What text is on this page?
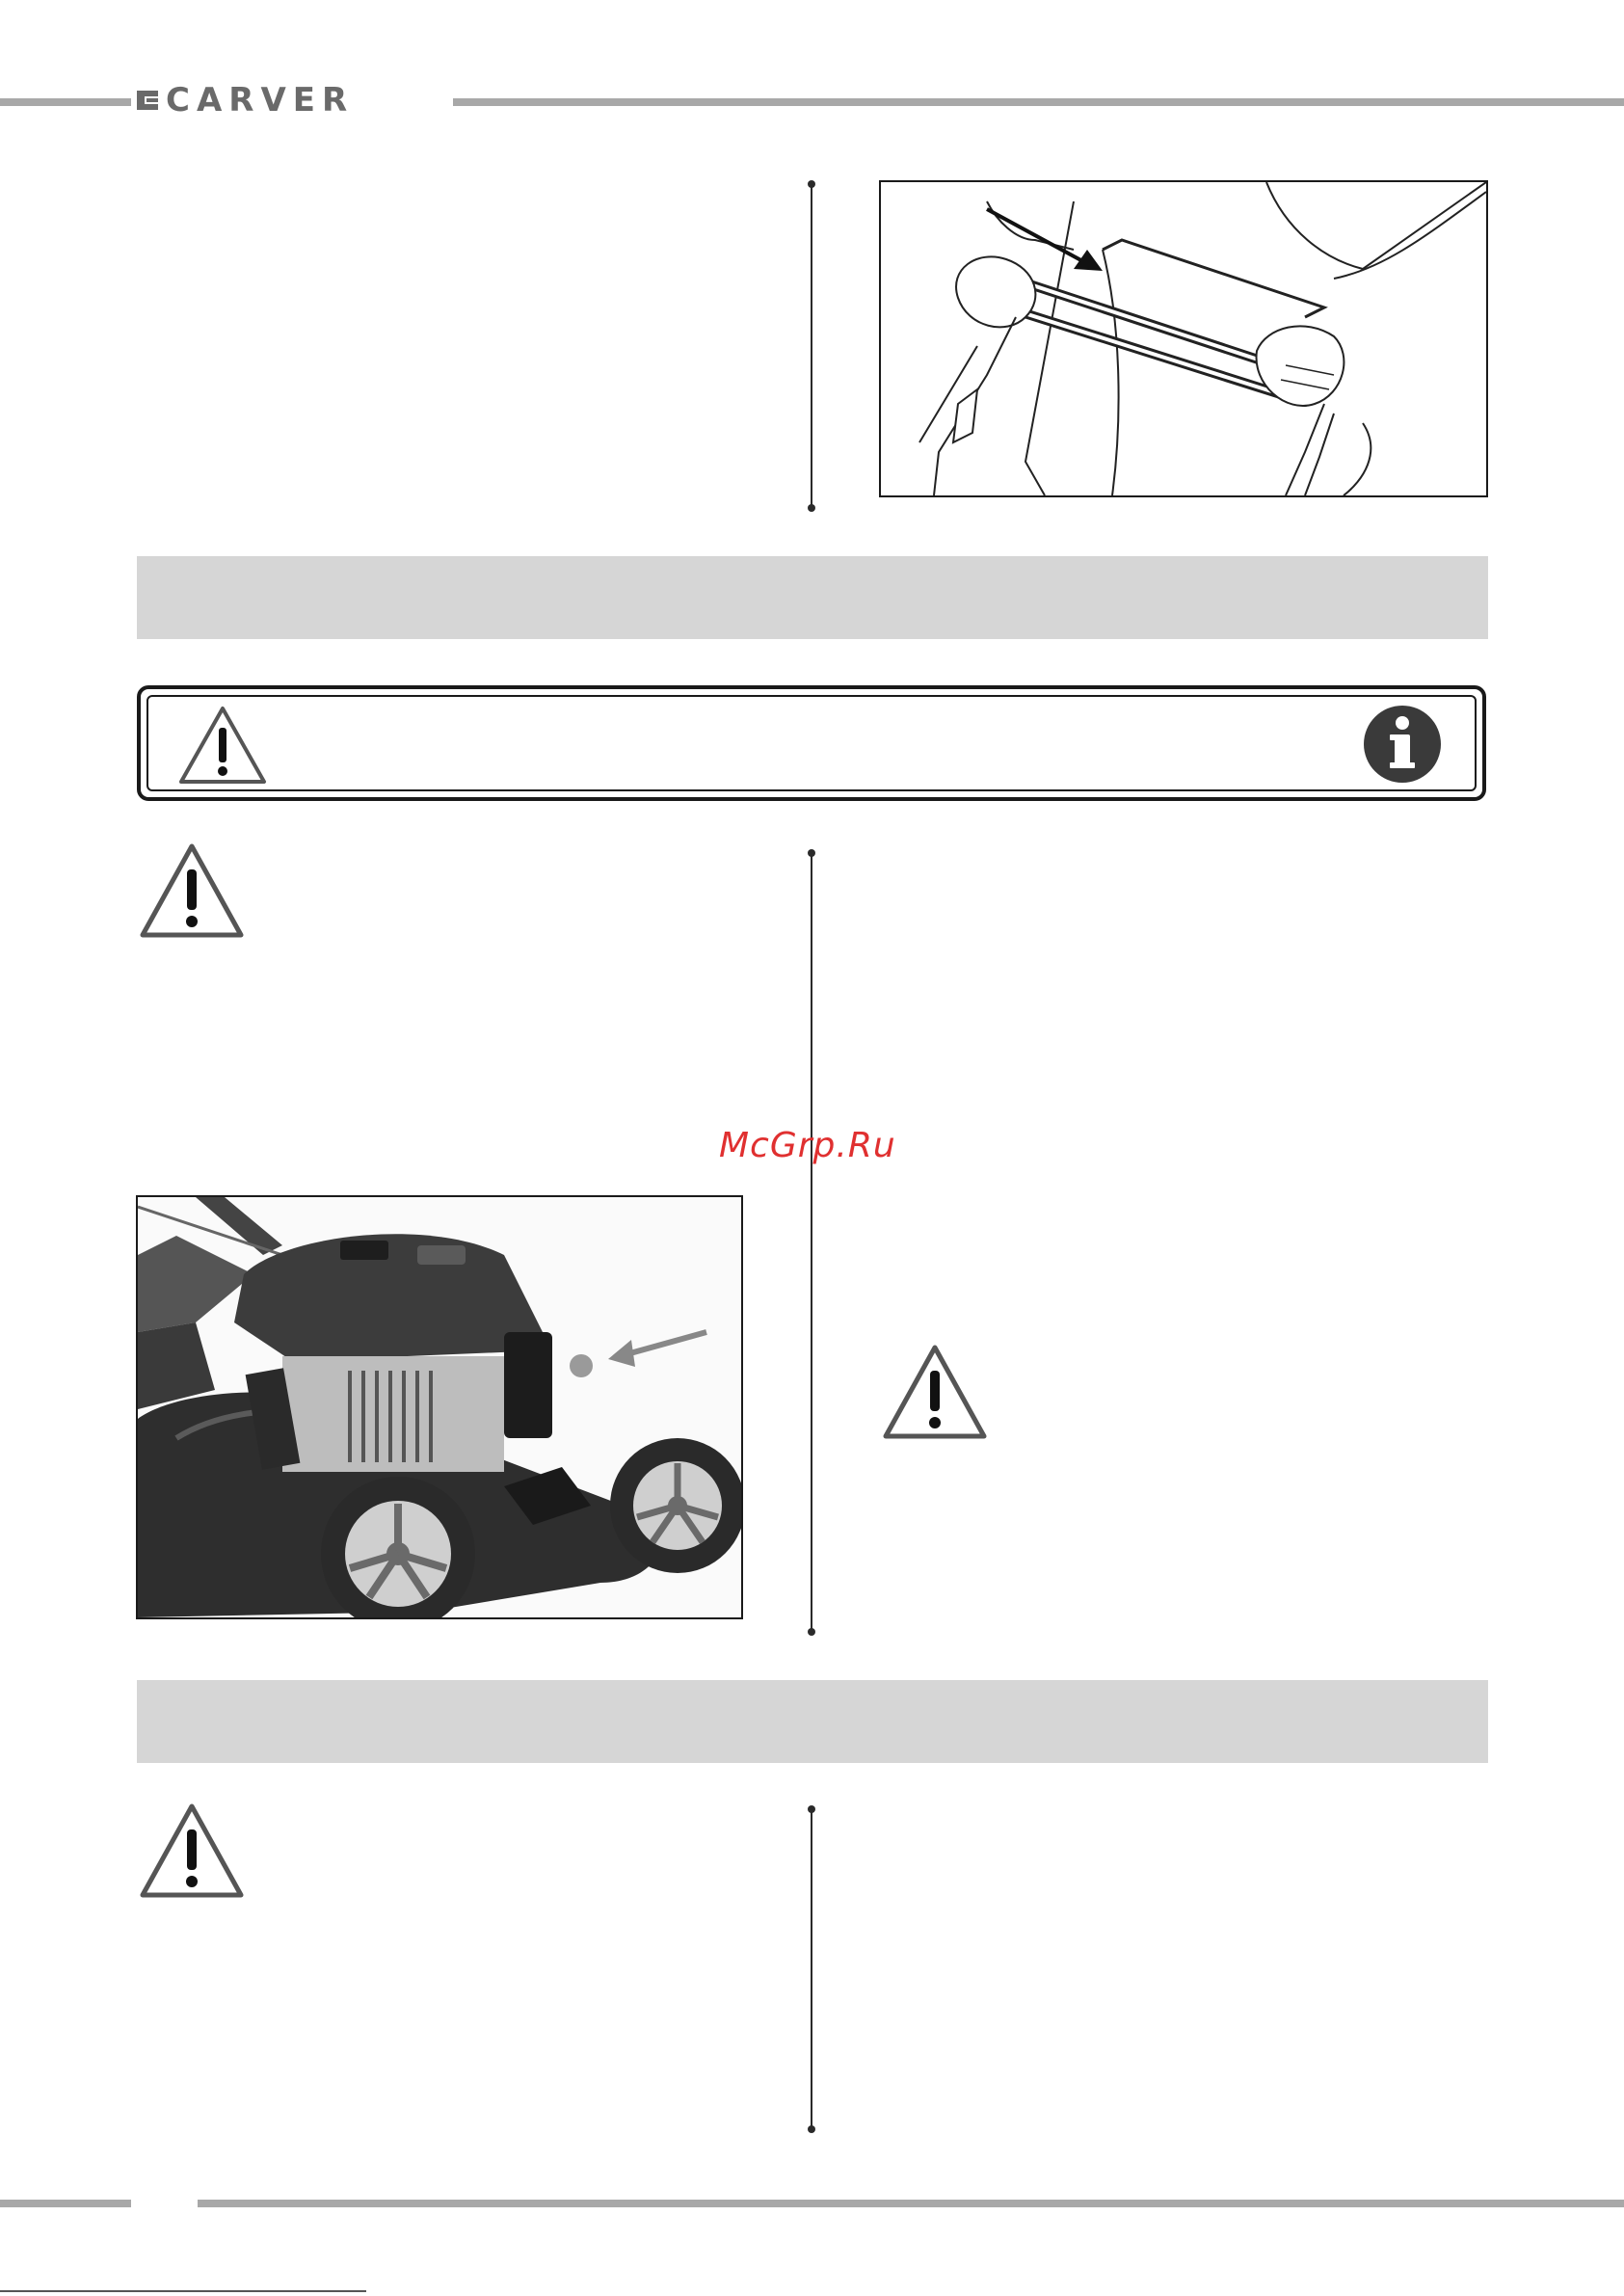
CARVER
McGrp.Ru
